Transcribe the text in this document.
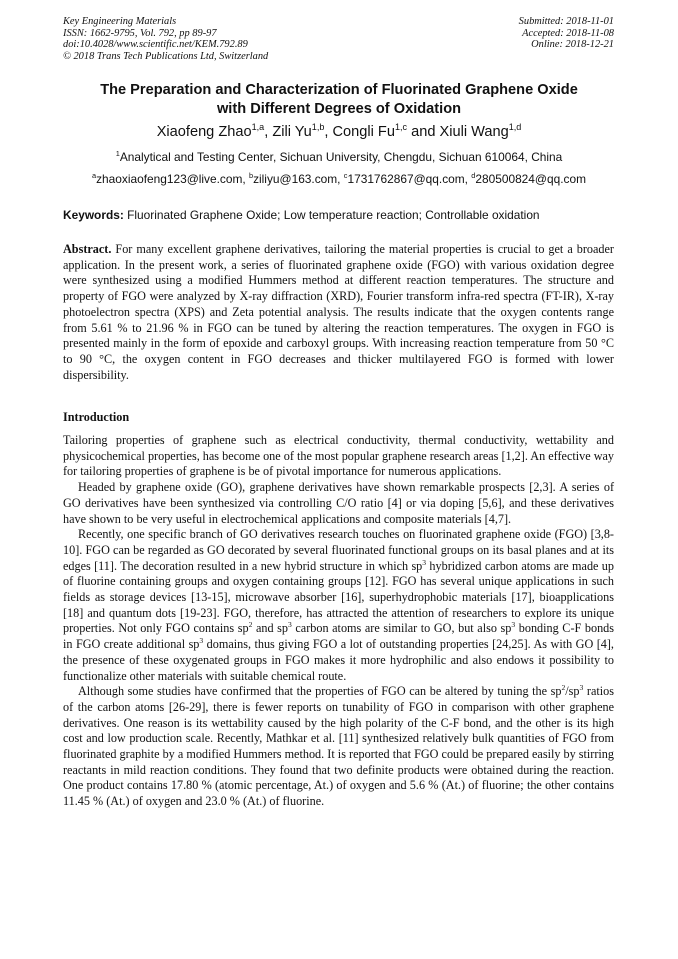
Key Engineering Materials
ISSN: 1662-9795, Vol. 792, pp 89-97
doi:10.4028/www.scientific.net/KEM.792.89
© 2018 Trans Tech Publications Ltd, Switzerland
Submitted: 2018-11-01
Accepted: 2018-11-08
Online: 2018-12-21
The Preparation and Characterization of Fluorinated Graphene Oxide
with Different Degrees of Oxidation
Xiaofeng Zhao$^{1,a}$, Zili Yu$^{1,b}$, Congli Fu$^{1,c}$ and Xiuli Wang$^{1,d}$
$^1$Analytical and Testing Center, Sichuan University, Chengdu, Sichuan 610064, China
$^a$zhaoxiaofeng123@live.com, $^b$ziliyu@163.com, $^c$1731762867@qq.com, $^d$280500824@qq.com
Keywords: Fluorinated Graphene Oxide; Low temperature reaction; Controllable oxidation
Abstract. For many excellent graphene derivatives, tailoring the material properties is crucial to get a broader application. In the present work, a series of fluorinated graphene oxide (FGO) with various oxidation degree were synthesized using a modified Hummers method at different reaction temperatures. The structure and property of FGO were analyzed by X-ray diffraction (XRD), Fourier transform infra-red spectra (FT-IR), X-ray photoelectron spectra (XPS) and Zeta potential analysis. The results indicate that the oxygen contents range from 5.61 % to 21.96 % in FGO can be tuned by altering the reaction temperatures. The oxygen in FGO is presented mainly in the form of epoxide and carboxyl groups. With increasing reaction temperature from 50 °C to 90 °C, the oxygen content in FGO decreases and thicker multilayered FGO is formed with lower dispersibility.
Introduction

Tailoring properties of graphene such as electrical conductivity, thermal conductivity, wettability and physicochemical properties, has become one of the most popular graphene research areas [1,2]. An effective way for tailoring properties of graphene is be of pivotal importance for numerous applications.

Headed by graphene oxide (GO), graphene derivatives have shown remarkable prospects [2,3]. A series of GO derivatives have been synthesized via controlling C/O ratio [4] or via doping [5,6], and these derivatives have shown to be very useful in electrochemical applications and composite materials [4,7].

Recently, one specific branch of GO derivatives research touches on fluorinated graphene oxide (FGO) [3,8-10]. FGO can be regarded as GO decorated by several fluorinated functional groups on its basal planes and at its edges [11]. The decoration resulted in a new hybrid structure in which $sp^3$ hybridized carbon atoms are made up of fluorine containing groups and oxygen containing groups [12]. FGO has several unique applications in such fields as storage devices [13-15], microwave absorber [16], superhydrophobic materials [17], bioapplications [18] and quantum dots [19-23]. FGO, therefore, has attracted the attention of researchers to explore its unique properties. Not only FGO contains $sp^2$ and $sp^3$ carbon atoms are similar to GO, but also $sp^3$ bonding C-F bonds in FGO create additional $sp^3$ domains, thus giving FGO a lot of outstanding properties [24,25]. As with GO [4], the presence of these oxygenated groups in FGO makes it more hydrophilic and also endows it possibility to functionalize other materials with suitable chemical route.

Although some studies have confirmed that the properties of FGO can be altered by tuning the $sp^2/sp^3$ ratios of the carbon atoms [26-29], there is fewer reports on tunability of FGO in comparison with other graphene derivatives. One reason is its wettability caused by the high polarity of the C-F bond, and the other is its high cost and low production scale. Recently, Mathkar et al. [11] synthesized relatively bulk quantities of FGO from fluorinated graphite by a modified Hummers method. It is reported that FGO could be prepared easily by stirring reactants in mild reaction conditions. They found that two definite products were obtained during the reaction. One product contains 17.80 % (atomic percentage, At.) of oxygen and 5.6 % (At.) of fluorine; the other contains 11.45 % (At.) of oxygen and 23.0 % (At.) of fluorine.
